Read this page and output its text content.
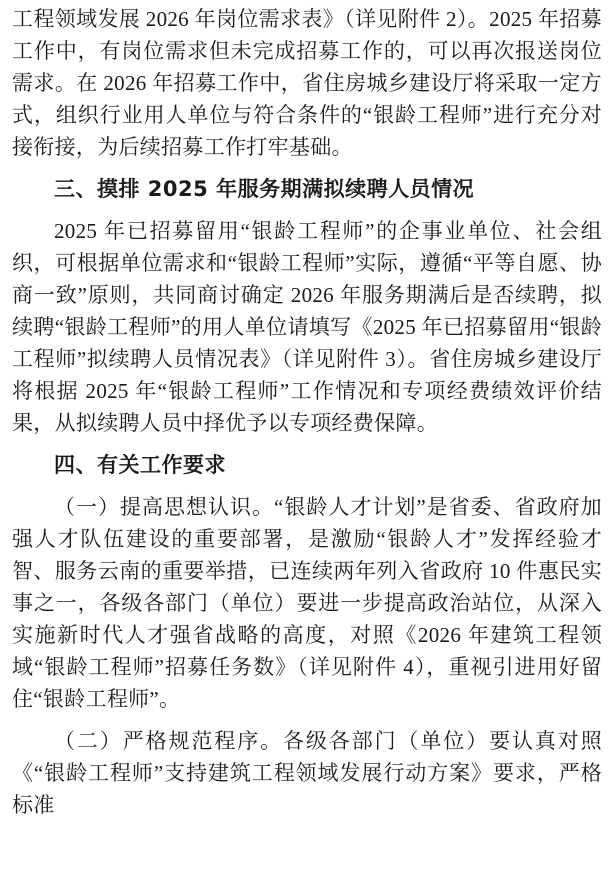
工程领域发展 2026 年岗位需求表》（详见附件 2）。2025 年招募工作中，有岗位需求但未完成招募工作的，可以再次报送岗位需求。在 2026 年招募工作中，省住房城乡建设厅将采取一定方式，组织行业用人单位与符合条件的“银龄工程师”进行充分对接衔接，为后续招募工作打牢基础。

三、摸排 2025 年服务期满拟续聘人员情况

2025 年已招募留用“银龄工程师”的企事业单位、社会组织，可根据单位需求和“银龄工程师”实际，遵循“平等自愿、协商一致”原则，共同商讨确定 2026 年服务期满后是否续聘，拟续聘“银龄工程师”的用人单位请填写《2025 年已招募留用“银龄工程师”拟续聘人员情况表》（详见附件 3）。省住房城乡建设厅将根据 2025 年“银龄工程师”工作情况和专项经费绩效评价结果，从拟续聘人员中择优予以专项经费保障。

四、有关工作要求

（一）提高思想认识。“银龄人才计划”是省委、省政府加强人才队伍建设的重要部署，是激励“银龄人才”发挥经验才智、服务云南的重要举措，已连续两年列入省政府 10 件惠民实事之一，各级各部门（单位）要进一步提高政治站位，从深入实施新时代人才强省战略的高度，对照《2026 年建筑工程领域“银龄工程师”招募任务数》（详见附件 4），重视引进用好留住“银龄工程师”。

（二）严格规范程序。各级各部门（单位）要认真对照《“银龄工程师”支持建筑工程领域发展行动方案》要求，严格标准
